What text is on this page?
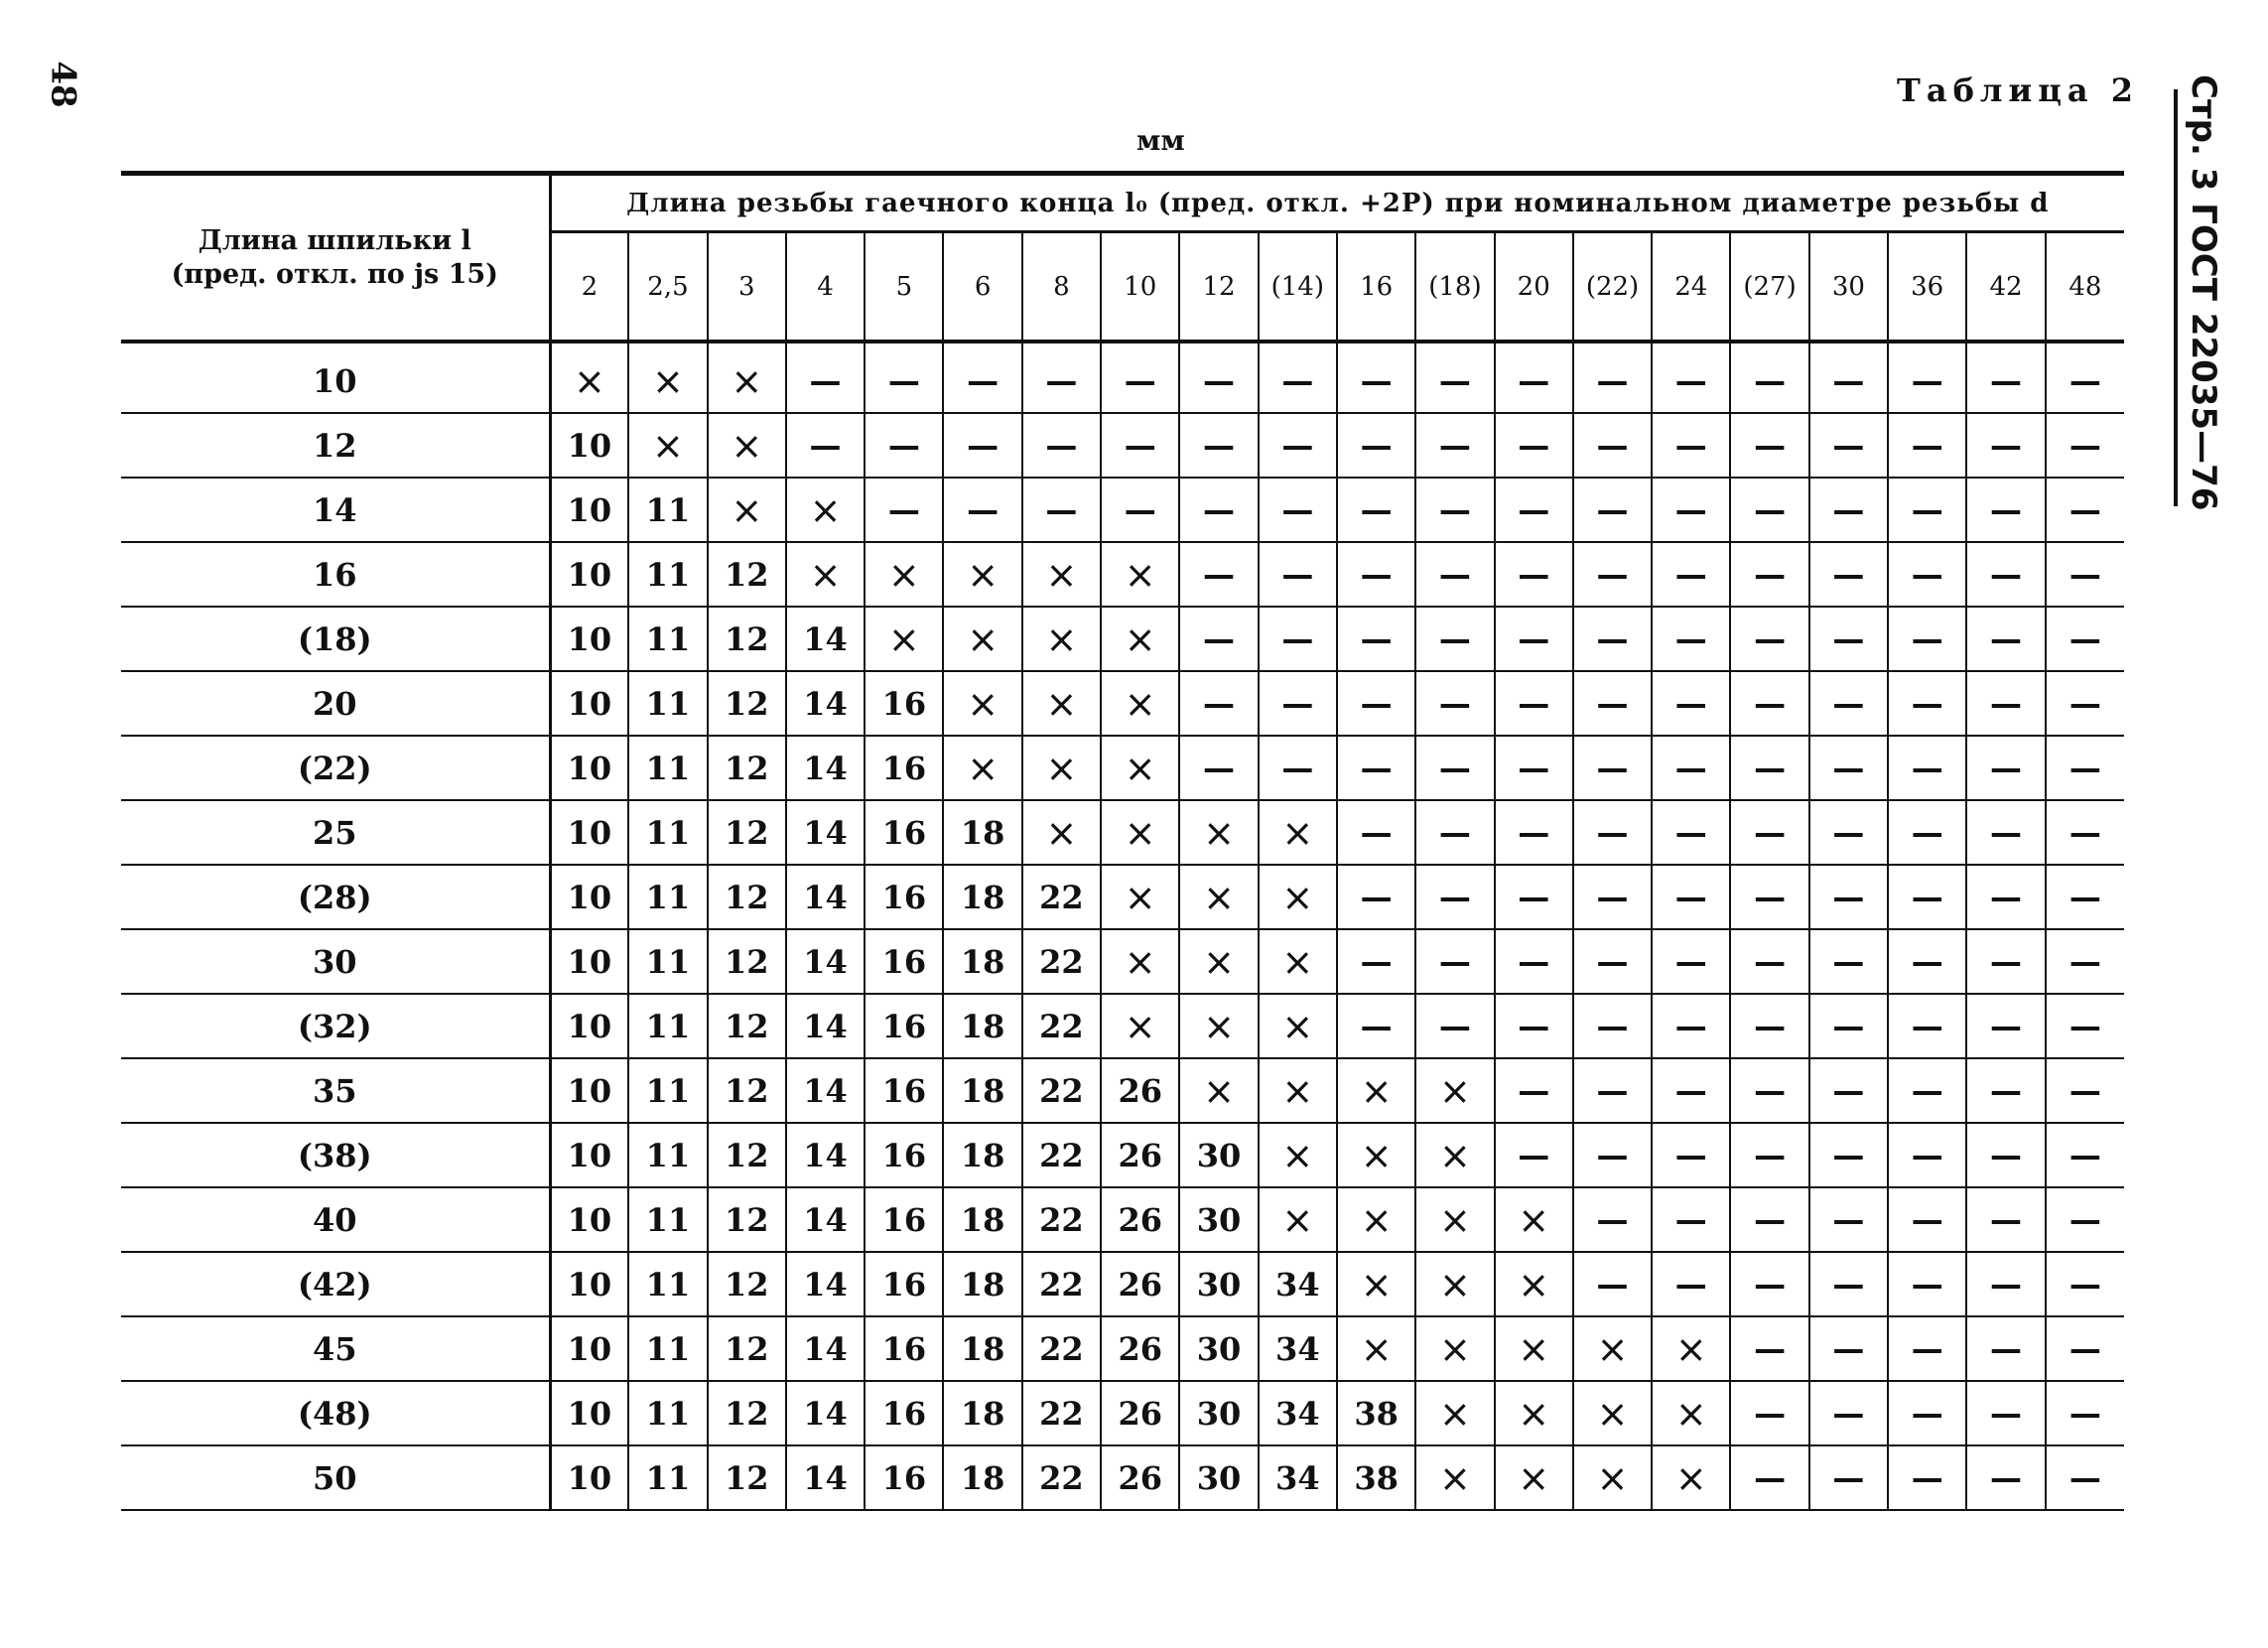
48	Таблица 2
мм	Стр. 3 ГОСТ 22035—76
Длина шпильки l
(пред. откл. по js 15)	Длина резьбы гаечного конца l₀ (пред. откл. +2P) при номинальном диаметре резьбы d																			
	2	2,5	3	4	5	6	8	10	12	(14)	16	(18)	20	(22)	24	(27)	30	36	42	48
10	×	×	×	—	—	—	—	—	—	—	—	—	—	—	—	—	—	—	—	—
12	10	×	×	—	—	—	—	—	—	—	—	—	—	—	—	—	—	—	—	—
14	10	11	×	×	—	—	—	—	—	—	—	—	—	—	—	—	—	—	—	—
16	10	11	12	×	×	×	×	×	—	—	—	—	—	—	—	—	—	—	—	—
(18)	10	11	12	14	×	×	×	×	—	—	—	—	—	—	—	—	—	—	—	—
20	10	11	12	14	16	×	×	×	—	—	—	—	—	—	—	—	—	—	—	—
(22)	10	11	12	14	16	×	×	×	—	—	—	—	—	—	—	—	—	—	—	—
25	10	11	12	14	16	18	×	×	×	×	—	—	—	—	—	—	—	—	—	—
(28)	10	11	12	14	16	18	22	×	×	×	—	—	—	—	—	—	—	—	—	—
30	10	11	12	14	16	18	22	×	×	×	—	—	—	—	—	—	—	—	—	—
(32)	10	11	12	14	16	18	22	×	×	×	—	—	—	—	—	—	—	—	—	—
35	10	11	12	14	16	18	22	26	×	×	×	×	—	—	—	—	—	—	—	—
(38)	10	11	12	14	16	18	22	26	30	×	×	×	—	—	—	—	—	—	—	—
40	10	11	12	14	16	18	22	26	30	×	×	×	×	—	—	—	—	—	—	—
(42)	10	11	12	14	16	18	22	26	30	34	×	×	×	—	—	—	—	—	—	—
45	10	11	12	14	16	18	22	26	30	34	×	×	×	×	×	—	—	—	—	—
(48)	10	11	12	14	16	18	22	26	30	34	38	×	×	×	×	—	—	—	—	—
50	10	11	12	14	16	18	22	26	30	34	38	×	×	×	×	—	—	—	—	—
